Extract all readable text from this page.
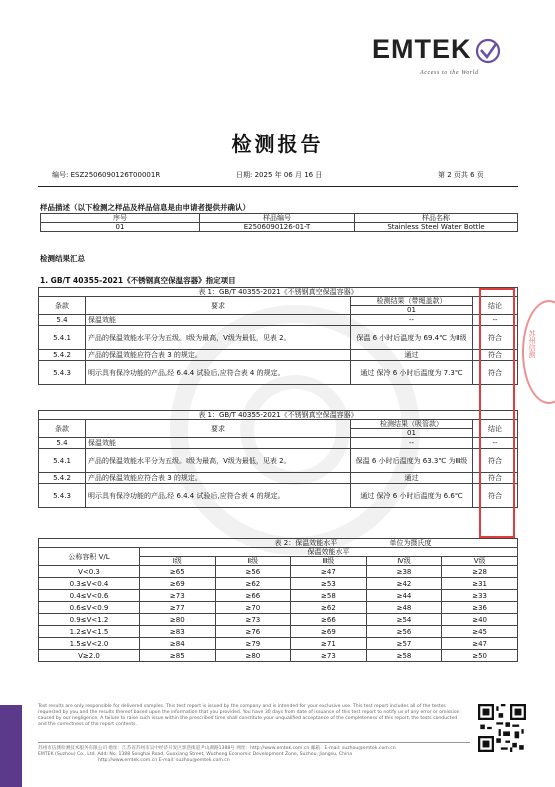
EMTEK
Access to the World
检测报告
编号: ESZ2506090126T00001R	日期: 2025 年 06 月 16 日	第 2 页共 6 页
样品描述（以下检测之样品及样品信息是由申请者提供并确认）
序号	样品编号	样品名称
01	E2506090126-01-T	Stainless Steel Water Bottle
检测结果汇总
1. GB/T 40355-2021《不锈钢真空保温容器》指定项目
表 1：GB/T 40355-2021《不锈钢真空保温容器》			
条款	要求	检测结果（带绳盖款）	结论
		01	
5.4	保温效能	--	--
5.4.1	产品的保温效能水平分为五级。Ⅰ级为最高，Ⅴ级为最低，见表 2。	保温 6 小时后温度为 69.4℃ 为Ⅱ级	符合
5.4.2	产品的保温效能应符合表 3 的规定。	通过	符合
5.4.3	明示具有保冷功能的产品,经 6.4.4 试验后,应符合表 4 的规定。	通过 保冷 6 小时后温度为 7.3℃	符合
表 1：GB/T 40355-2021《不锈钢真空保温容器》			
条款	要求	检测结果（吸管款）	结论
		01	
5.4	保温效能	--	--
5.4.1	产品的保温效能水平分为五级。Ⅰ级为最高，Ⅴ级为最低，见表 2。	保温 6 小时后温度为 63.3℃ 为Ⅲ级	符合
5.4.2	产品的保温效能应符合表 3 的规定。	通过	符合
5.4.3	明示具有保冷功能的产品,经 6.4.4 试验后,应符合表 4 的规定。	通过 保冷 6 小时后温度为 6.6℃	符合
苏州信测
表 2：保温效能水平 单位为摄氏度					
公称容积 V/L	保温效能水平				
	Ⅰ级	Ⅱ级	Ⅲ级	Ⅳ级	Ⅴ级
V<0.3	≥65	≥56	≥47	≥38	≥28
0.3≤V<0.4	≥69	≥62	≥53	≥42	≥31
0.4≤V<0.6	≥73	≥66	≥58	≥44	≥33
0.6≤V<0.9	≥77	≥70	≥62	≥48	≥36
0.9≤V<1.2	≥80	≥73	≥66	≥54	≥40
1.2≤V<1.5	≥83	≥76	≥69	≥56	≥45
1.5≤V<2.0	≥84	≥79	≥71	≥57	≥47
V≥2.0	≥85	≥80	≥73	≥58	≥50
Test results are only responsible for delivered samples. This test report is issued by the company and is intended for your exclusive use. This test report includes all of the testes
requested by you and the results thereof based upon the information that you provided. You have 30 days from date of issuance of this test report to notify us of any error or omission
caused by our negligence. A failure to raise such issue within the prescribed time shall constitute your unqualified acceptance of the completeness of this report, the tests conducted
and the correctness of the report contents.
苏州市信测检测技术服务有限公司 地址：江苏省苏州市吴中经济开发区郭巷街道尹山湖路1388号 网址：http://www.emtek.com.cn 邮箱：E-mail: suzhou@emtek.com.cn
EMTEK (Suzhou) Co., Ltd. Add: No. 1388 Songhai Road, Guoxiang Street, Wuzhong Economic Development Zone, Suzhou, Jiangsu, China
http://www.emtek.com.cn E-mail: suzhou@emtek.com.cn
